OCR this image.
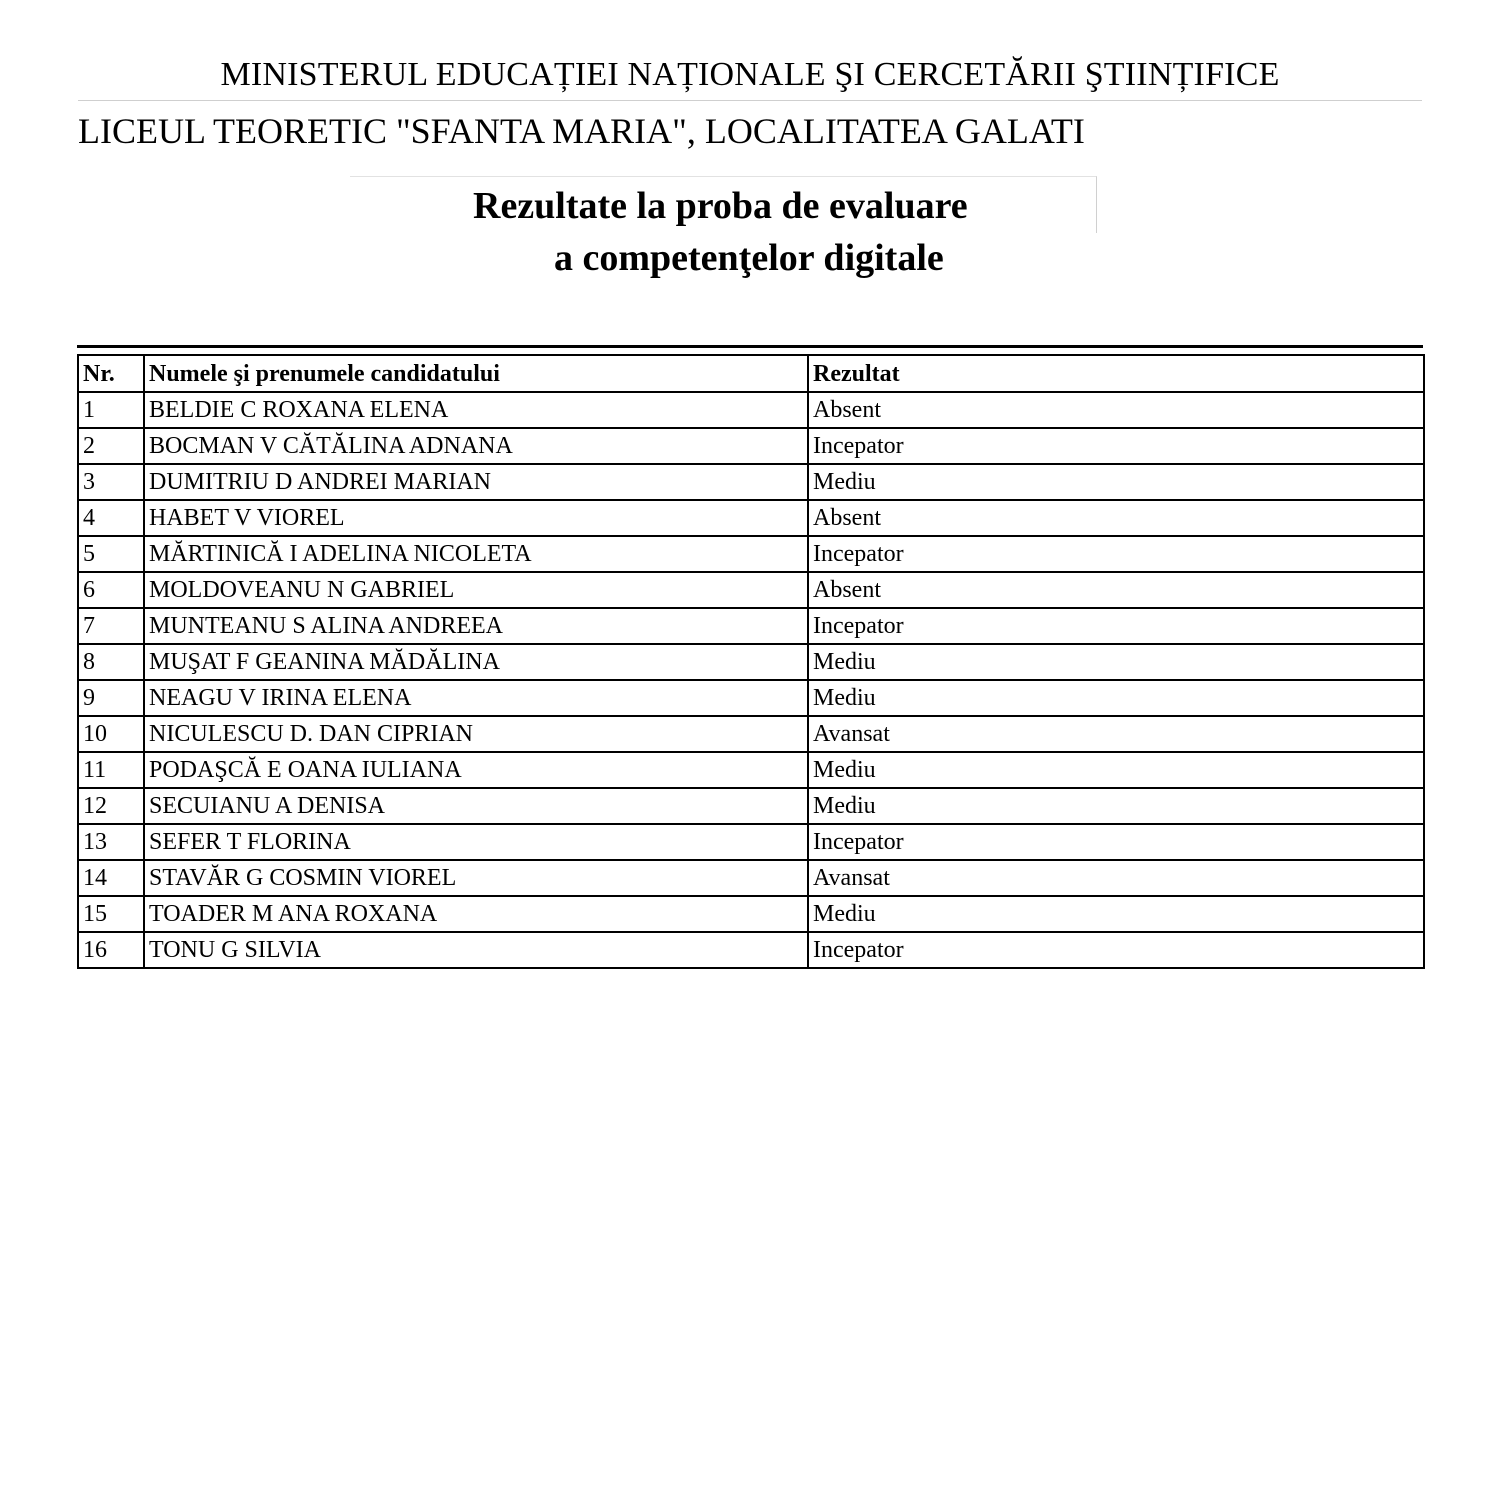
MINISTERUL EDUCAȚIEI NAȚIONALE ŞI CERCETĂRII ŞTIINȚIFICE
LICEUL TEORETIC "SFANTA MARIA", LOCALITATEA GALATI
Rezultate la proba de evaluare
a competenţelor digitale
Nr.	Numele şi prenumele candidatului	Rezultat
1	BELDIE C ROXANA ELENA	Absent
2	BOCMAN V CĂTĂLINA ADNANA	Incepator
3	DUMITRIU D ANDREI MARIAN	Mediu
4	HABET V VIOREL	Absent
5	MĂRTINICĂ I ADELINA NICOLETA	Incepator
6	MOLDOVEANU N GABRIEL	Absent
7	MUNTEANU S ALINA ANDREEA	Incepator
8	MUŞAT F GEANINA MĂDĂLINA	Mediu
9	NEAGU V IRINA ELENA	Mediu
10	NICULESCU D. DAN CIPRIAN	Avansat
11	PODAŞCĂ E OANA IULIANA	Mediu
12	SECUIANU A DENISA	Mediu
13	SEFER T FLORINA	Incepator
14	STAVĂR G COSMIN VIOREL	Avansat
15	TOADER M ANA ROXANA	Mediu
16	TONU G SILVIA	Incepator
